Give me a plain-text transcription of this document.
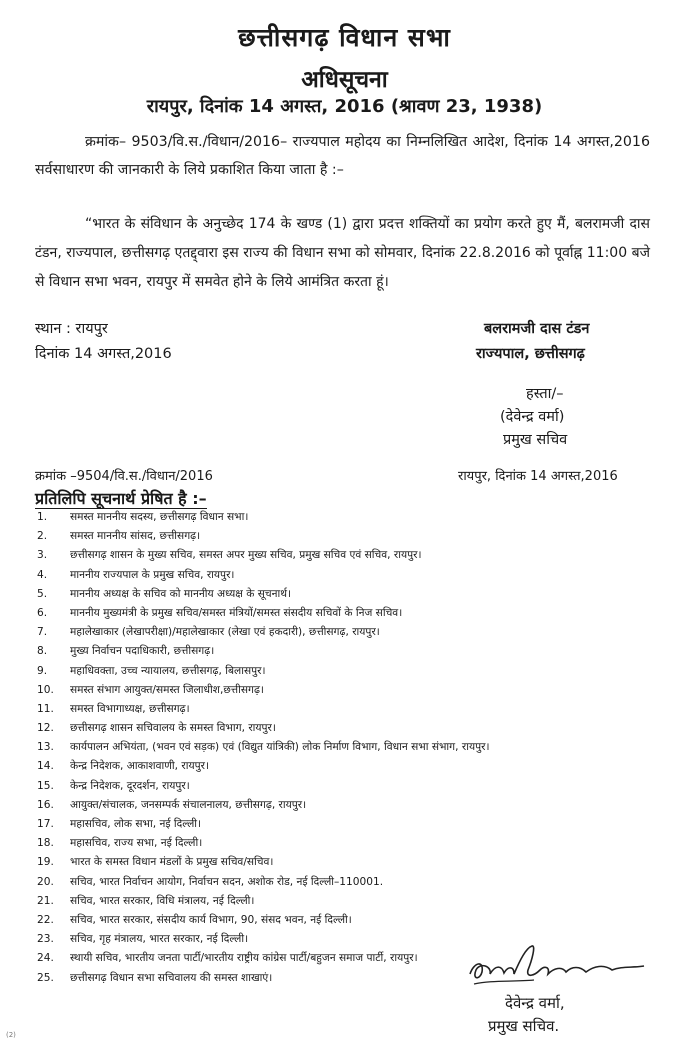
छत्तीसगढ़ विधान सभा
अधिसूचना
रायपुर, दिनांक 14 अगस्त, 2016 (श्रावण 23, 1938)
क्रमांक– 9503/वि.स./विधान/2016– राज्यपाल महोदय का निम्नलिखित आदेश, दिनांक 14 अगस्त,2016 सर्वसाधारण की जानकारी के लिये प्रकाशित किया जाता है :–
“भारत के संविधान के अनुच्छेद 174 के खण्ड (1) द्वारा प्रदत्त शक्तियों का प्रयोग करते हुए मैं, बलरामजी दास टंडन, राज्यपाल, छत्तीसगढ़ एतद्द्वारा इस राज्य की विधान सभा को सोमवार, दिनांक 22.8.2016 को पूर्वाह्न 11:00 बजे से विधान सभा भवन, रायपुर में समवेत होने के लिये आमंत्रित करता हूं।
स्थान : रायपुर
दिनांक 14 अगस्त,2016
बलरामजी दास टंडन
राज्यपाल, छत्तीसगढ़
हस्ता/–
(देवेन्द्र वर्मा)
प्रमुख सचिव
क्रमांक –9504/वि.स./विधान/2016	रायपुर, दिनांक 14 अगस्त,2016
प्रतिलिपि सूचनार्थ प्रेषित है :–
1. समस्त माननीय सदस्य, छत्तीसगढ़ विधान सभा।
2. समस्त माननीय सांसद, छत्तीसगढ़।
3. छत्तीसगढ़ शासन के मुख्य सचिव, समस्त अपर मुख्य सचिव, प्रमुख सचिव एवं सचिव, रायपुर।
4. माननीय राज्यपाल के प्रमुख सचिव, रायपुर।
5. माननीय अध्यक्ष के सचिव को माननीय अध्यक्ष के सूचनार्थ।
6. माननीय मुख्यमंत्री के प्रमुख सचिव/समस्त मंत्रियों/समस्त संसदीय सचिवों के निज सचिव।
7. महालेखाकार (लेखापरीक्षा)/महालेखाकार (लेखा एवं हकदारी), छत्तीसगढ़, रायपुर।
8. मुख्य निर्वाचन पदाधिकारी, छत्तीसगढ़।
9. महाधिवक्ता, उच्च न्यायालय, छत्तीसगढ़, बिलासपुर।
10. समस्त संभाग आयुक्त/समस्त जिलाधीश,छत्तीसगढ़।
11. समस्त विभागाध्यक्ष, छत्तीसगढ़।
12. छत्तीसगढ़ शासन सचिवालय के समस्त विभाग, रायपुर।
13. कार्यपालन अभियंता, (भवन एवं सड़क) एवं (विद्युत यांत्रिकी) लोक निर्माण विभाग, विधान सभा संभाग, रायपुर।
14. केन्द्र निदेशक, आकाशवाणी, रायपुर।
15. केन्द्र निदेशक, दूरदर्शन, रायपुर।
16. आयुक्त/संचालक, जनसम्पर्क संचालनालय, छत्तीसगढ़, रायपुर।
17. महासचिव, लोक सभा, नई दिल्ली।
18. महासचिव, राज्य सभा, नई दिल्ली।
19. भारत के समस्त विधान मंडलों के प्रमुख सचिव/सचिव।
20. सचिव, भारत निर्वाचन आयोग, निर्वाचन सदन, अशोक रोड, नई दिल्ली–110001.
21. सचिव, भारत सरकार, विधि मंत्रालय, नई दिल्ली।
22. सचिव, भारत सरकार, संसदीय कार्य विभाग, 90, संसद भवन, नई दिल्ली।
23. सचिव, गृह मंत्रालय, भारत सरकार, नई दिल्ली।
24. स्थायी सचिव, भारतीय जनता पार्टी/भारतीय राष्ट्रीय कांग्रेस पार्टी/बहुजन समाज पार्टी, रायपुर।
25. छत्तीसगढ़ विधान सभा सचिवालय की समस्त शाखाएं।
देवेन्द्र वर्मा,
प्रमुख सचिव.
(2)
